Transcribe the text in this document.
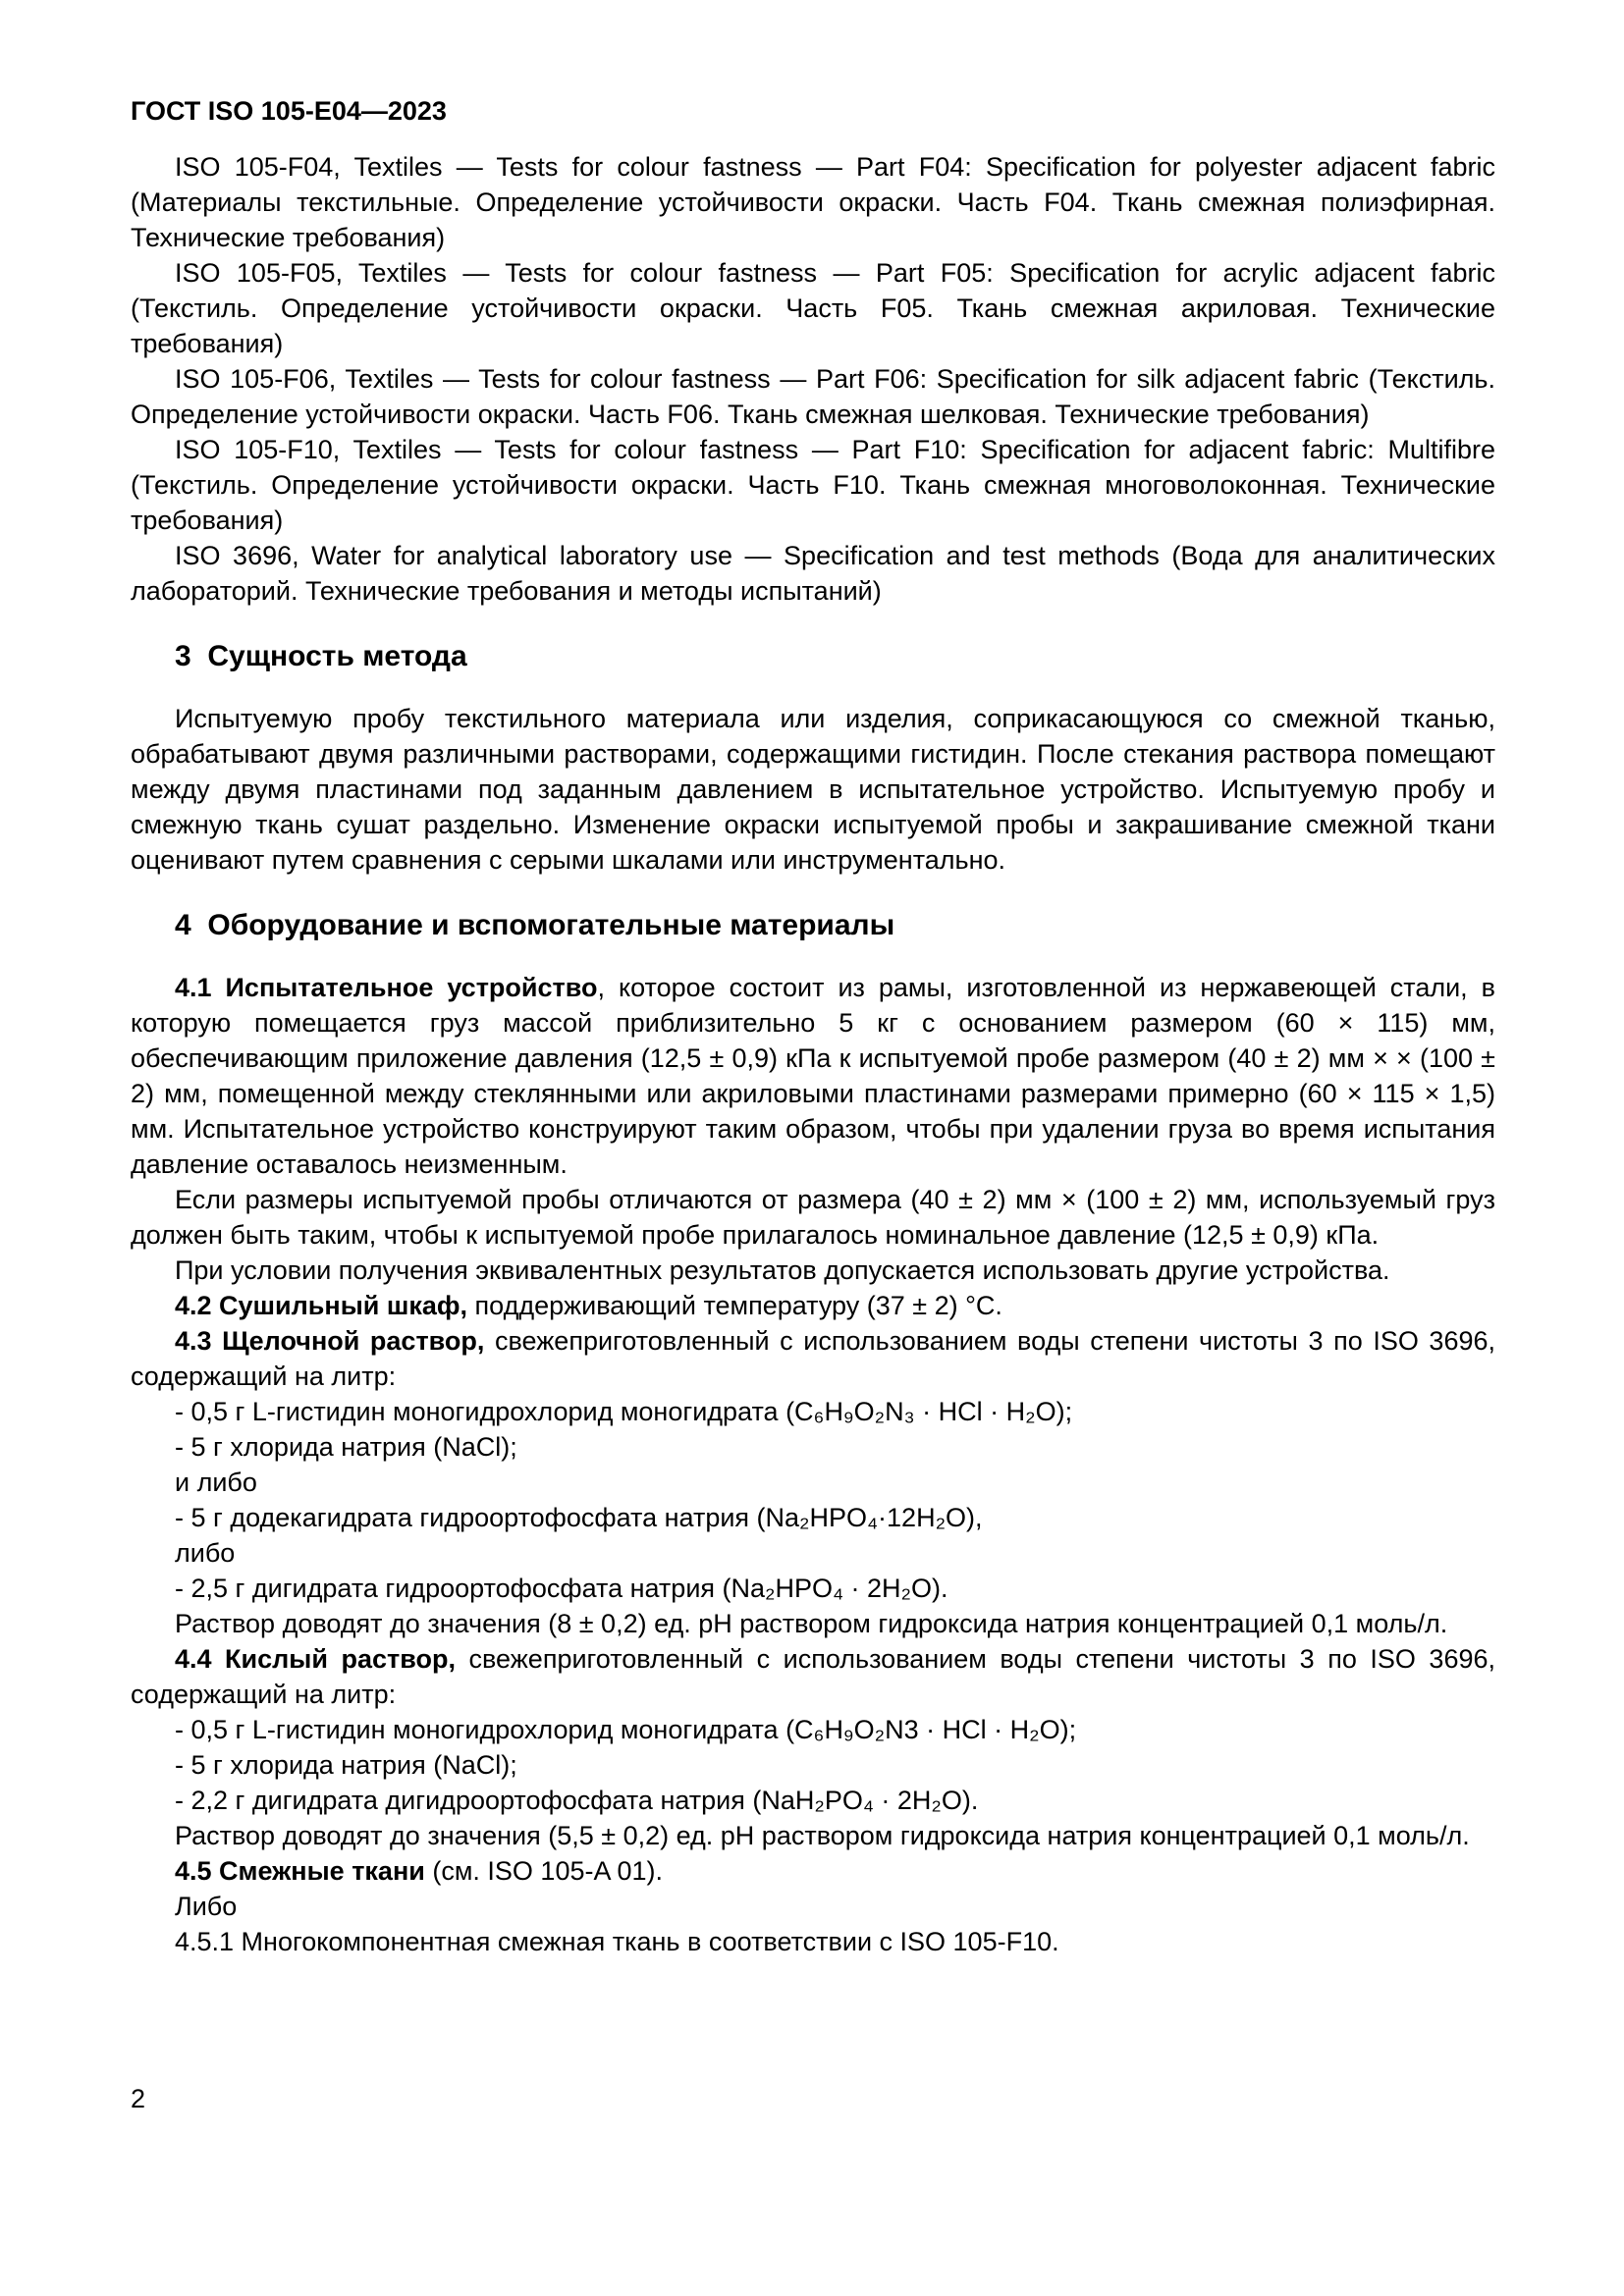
ГОСТ ISO 105-E04—2023

ISO 105-F04, Textiles — Tests for colour fastness — Part F04: Specification for polyester adjacent fabric (Материалы текстильные. Определение устойчивости окраски. Часть F04. Ткань смежная полиэфирная. Технические требования)

ISO 105-F05, Textiles — Tests for colour fastness — Part F05: Specification for acrylic adjacent fabric (Текстиль. Определение устойчивости окраски. Часть F05. Ткань смежная акриловая. Технические требования)

ISO 105-F06, Textiles — Tests for colour fastness — Part F06: Specification for silk adjacent fabric (Текстиль. Определение устойчивости окраски. Часть F06. Ткань смежная шелковая. Технические требования)

ISO 105-F10, Textiles — Tests for colour fastness — Part F10: Specification for adjacent fabric: Multifibre (Текстиль. Определение устойчивости окраски. Часть F10. Ткань смежная многоволоконная. Технические требования)

ISO 3696, Water for analytical laboratory use — Specification and test methods (Вода для аналитических лабораторий. Технические требования и методы испытаний)

3  Сущность метода

Испытуемую пробу текстильного материала или изделия, соприкасающуюся со смежной тканью, обрабатывают двумя различными растворами, содержащими гистидин. После стекания раствора помещают между двумя пластинами под заданным давлением в испытательное устройство. Испытуемую пробу и смежную ткань сушат раздельно. Изменение окраски испытуемой пробы и закрашивание смежной ткани оценивают путем сравнения с серыми шкалами или инструментально.

4  Оборудование и вспомогательные материалы

4.1 Испытательное устройство, которое состоит из рамы, изготовленной из нержавеющей стали, в которую помещается груз массой приблизительно 5 кг с основанием размером (60 × 115) мм, обеспечивающим приложение давления (12,5 ± 0,9) кПа к испытуемой пробе размером (40 ± 2) мм × × (100 ± 2) мм, помещенной между стеклянными или акриловыми пластинами размерами примерно (60 × 115 × 1,5) мм. Испытательное устройство конструируют таким образом, чтобы при удалении груза во время испытания давление оставалось неизменным.

Если размеры испытуемой пробы отличаются от размера (40 ± 2) мм × (100 ± 2) мм, используемый груз должен быть таким, чтобы к испытуемой пробе прилагалось номинальное давление (12,5 ± 0,9) кПа.

При условии получения эквивалентных результатов допускается использовать другие устройства.

4.2 Сушильный шкаф, поддерживающий температуру (37 ± 2) °С.

4.3 Щелочной раствор, свежеприготовленный с использованием воды степени чистоты 3 по ISO 3696, содержащий на литр:

- 0,5 г L-гистидин моногидрохлорид моногидрата (C₆H₉O₂N₃ · HCl · H₂O);

- 5 г хлорида натрия (NaCl);

и либо

- 5 г додекагидрата гидроортофосфата натрия (Na₂HPO₄·12H₂O),

либо

- 2,5 г дигидрата гидроортофосфата натрия (Na₂HPO₄ · 2H₂O).

Раствор доводят до значения (8 ± 0,2) ед. pH раствором гидроксида натрия концентрацией 0,1 моль/л.

4.4 Кислый раствор, свежеприготовленный с использованием воды степени чистоты 3 по ISO 3696, содержащий на литр:

- 0,5 г L-гистидин моногидрохлорид моногидрата (C₆H₉O₂N3 · HCl · H₂O);

- 5 г хлорида натрия (NaCl);

- 2,2 г дигидрата дигидроортофосфата натрия (NaH₂PO₄ · 2H₂O).

Раствор доводят до значения (5,5 ± 0,2) ед. pH раствором гидроксида натрия концентрацией 0,1 моль/л.

4.5 Смежные ткани (см. ISO 105-A 01).

Либо

4.5.1 Многокомпонентная смежная ткань в соответствии с ISO 105-F10.

2
